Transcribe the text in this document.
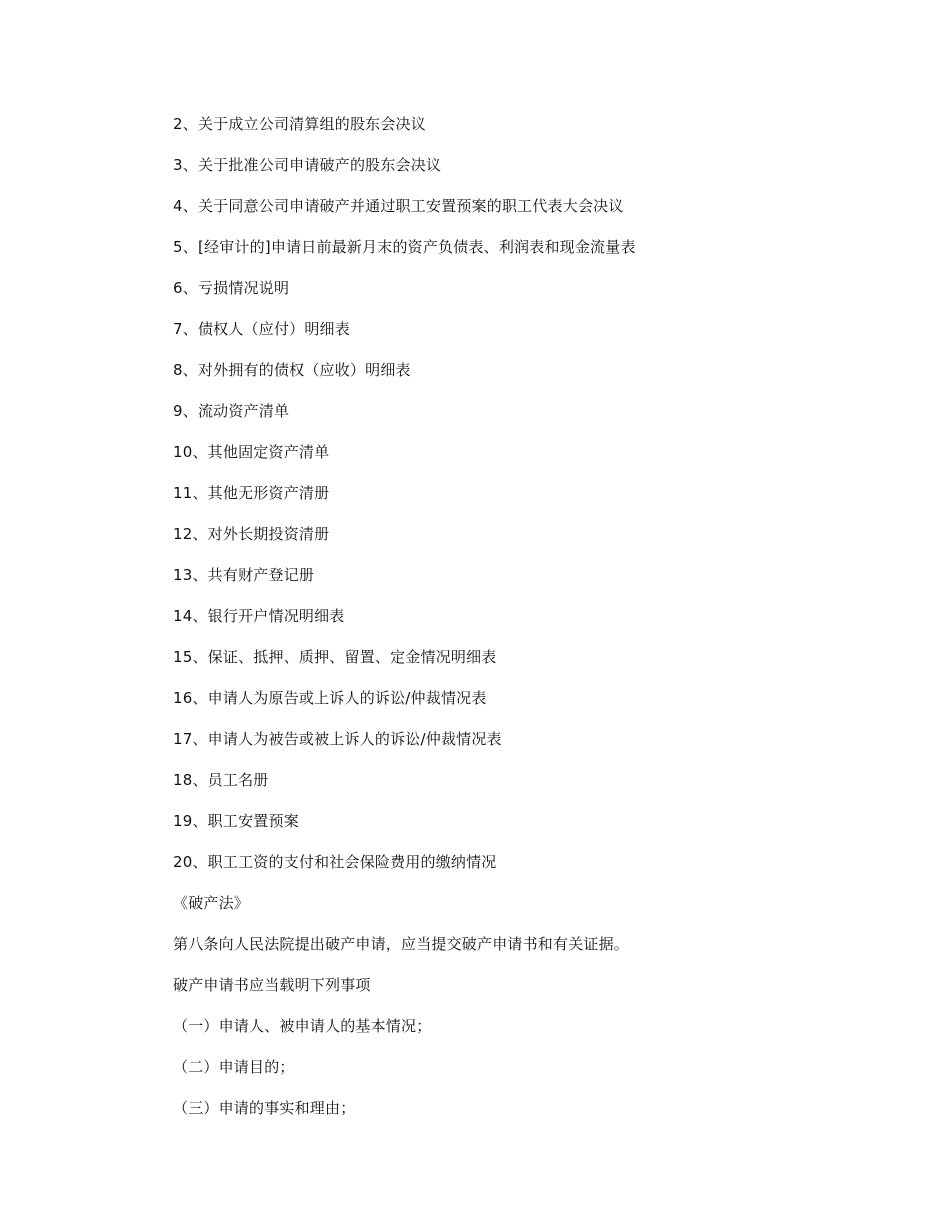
2、关于成立公司清算组的股东会决议
3、关于批准公司申请破产的股东会决议
4、关于同意公司申请破产并通过职工安置预案的职工代表大会决议
5、[经审计的]申请日前最新月末的资产负债表、利润表和现金流量表
6、亏损情况说明
7、债权人（应付）明细表
8、对外拥有的债权（应收）明细表
9、流动资产清单
10、其他固定资产清单
11、其他无形资产清册
12、对外长期投资清册
13、共有财产登记册
14、银行开户情况明细表
15、保证、抵押、质押、留置、定金情况明细表
16、申请人为原告或上诉人的诉讼/仲裁情况表
17、申请人为被告或被上诉人的诉讼/仲裁情况表
18、员工名册
19、职工安置预案
20、职工工资的支付和社会保险费用的缴纳情况
《破产法》
第八条向人民法院提出破产申请，应当提交破产申请书和有关证据。
破产申请书应当载明下列事项
（一）申请人、被申请人的基本情况；
（二）申请目的；
（三）申请的事实和理由；
